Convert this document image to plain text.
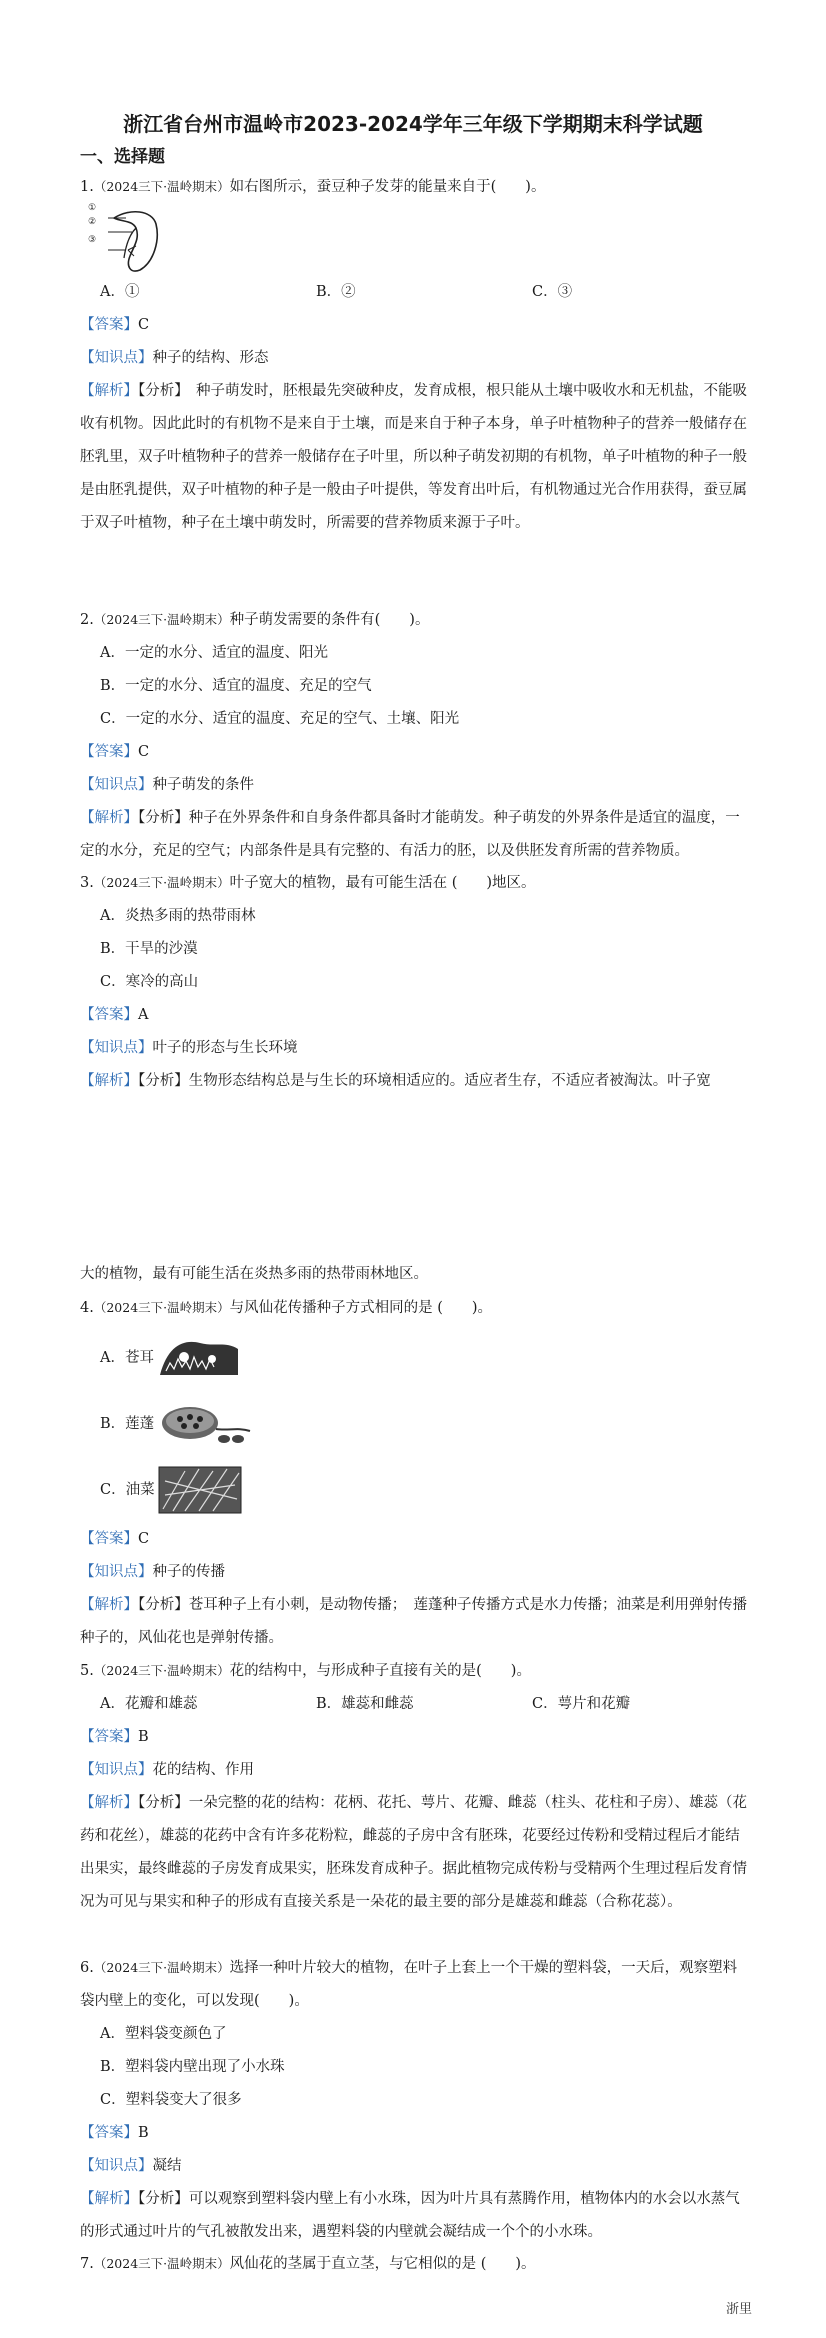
浙江省台州市温岭市2023-2024学年三年级下学期期末科学试题
一、选择题
1.（2024三下·温岭期末）如右图所示，蚕豆种子发芽的能量来自于(　　)。
①
②
③
A．①	B．②	C．③
【答案】C
【知识点】种子的结构、形态
【解析】【分析】　种子萌发时，胚根最先突破种皮，发育成根，根只能从土壤中吸收水和无机盐，不能吸收有机物。因此此时的有机物不是来自于土壤，而是来自于种子本身，单子叶植物种子的营养一般储存在胚乳里，双子叶植物种子的营养一般储存在子叶里，所以种子萌发初期的有机物，单子叶植物的种子一般是由胚乳提供，双子叶植物的种子是一般由子叶提供，等发育出叶后，有机物通过光合作用获得，蚕豆属于双子叶植物，种子在土壤中萌发时，所需要的营养物质来源于子叶。
2.（2024三下·温岭期末）种子萌发需要的条件有(　　)。
A．一定的水分、适宜的温度、阳光
B．一定的水分、适宜的温度、充足的空气
C．一定的水分、适宜的温度、充足的空气、土壤、阳光
【答案】C
【知识点】种子萌发的条件
【解析】【分析】种子在外界条件和自身条件都具备时才能萌发。种子萌发的外界条件是适宜的温度，一定的水分，充足的空气；内部条件是具有完整的、有活力的胚，以及供胚发育所需的营养物质。
3.（2024三下·温岭期末）叶子宽大的植物，最有可能生活在 (　　)地区。
A．炎热多雨的热带雨林
B．干旱的沙漠
C．寒冷的高山
【答案】A
【知识点】叶子的形态与生长环境
【解析】【分析】生物形态结构总是与生长的环境相适应的。适应者生存，不适应者被淘汰。叶子宽
大的植物，最有可能生活在炎热多雨的热带雨林地区。
4.（2024三下·温岭期末）与风仙花传播种子方式相同的是 (　　)。
A．苍耳
B．莲蓬
C．油菜
【答案】C
【知识点】种子的传播
【解析】【分析】苍耳种子上有小刺，是动物传播；　莲蓬种子传播方式是水力传播；油菜是利用弹射传播种子的，风仙花也是弹射传播。
5.（2024三下·温岭期末）花的结构中，与形成种子直接有关的是(　　)。
A．花瓣和雄蕊	B．雄蕊和雌蕊	C．萼片和花瓣
【答案】B
【知识点】花的结构、作用
【解析】【分析】一朵完整的花的结构：花柄、花托、萼片、花瓣、雌蕊（柱头、花柱和子房）、雄蕊（花药和花丝），雄蕊的花药中含有许多花粉粒，雌蕊的子房中含有胚珠，花要经过传粉和受精过程后才能结出果实，最终雌蕊的子房发育成果实，胚珠发育成种子。据此植物完成传粉与受精两个生理过程后发育情况为可见与果实和种子的形成有直接关系是一朵花的最主要的部分是雄蕊和雌蕊（合称花蕊）。
6.（2024三下·温岭期末）选择一种叶片较大的植物，在叶子上套上一个干燥的塑料袋，一天后，观察塑料袋内壁上的变化，可以发现(　　)。
A．塑料袋变颜色了
B．塑料袋内壁出现了小水珠
C．塑料袋变大了很多
【答案】B
【知识点】凝结
【解析】【分析】可以观察到塑料袋内壁上有小水珠，因为叶片具有蒸腾作用，植物体内的水会以水蒸气的形式通过叶片的气孔被散发出来，遇塑料袋的内壁就会凝结成一个个的小水珠。
7.（2024三下·温岭期末）风仙花的茎属于直立茎，与它相似的是 (　　)。
浙里
